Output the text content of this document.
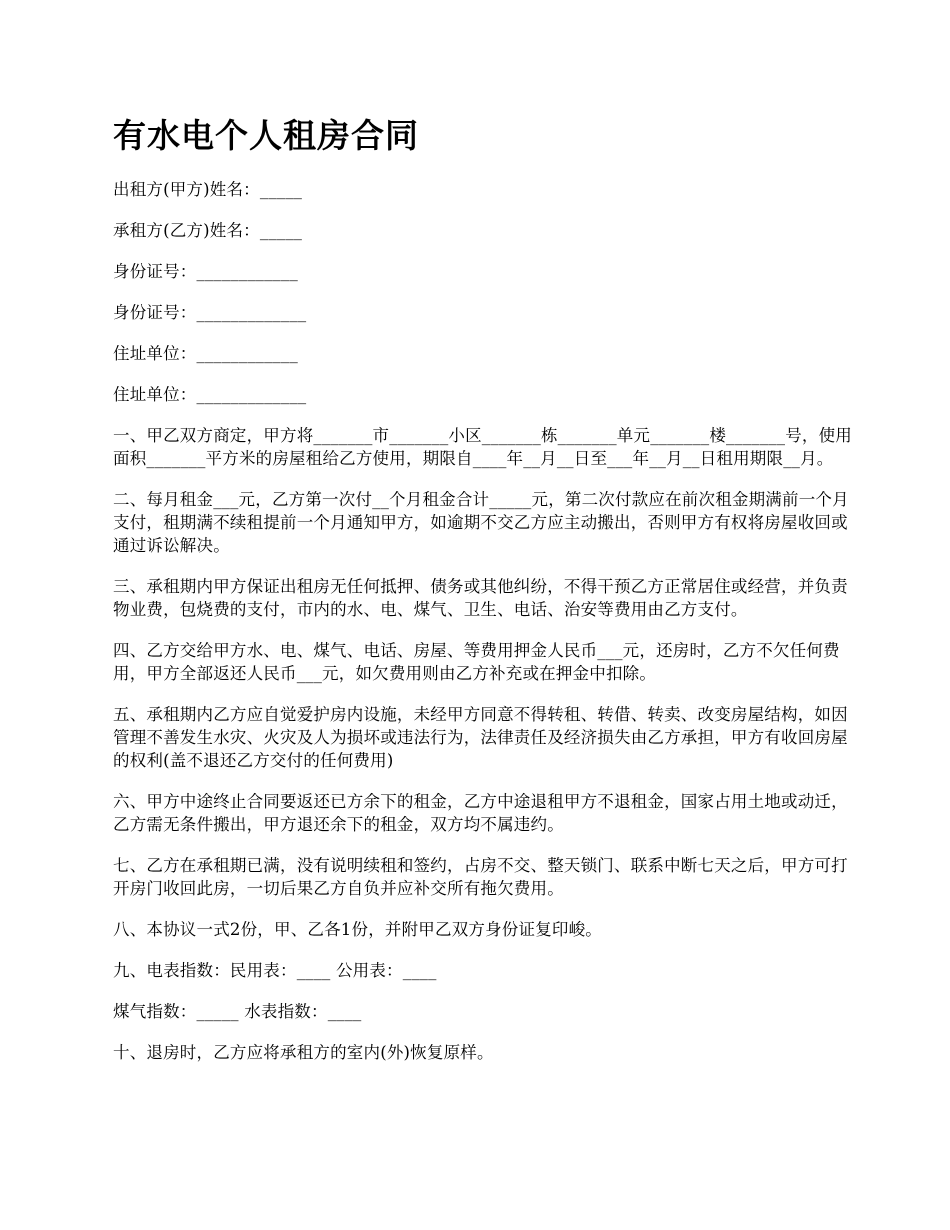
有水电个人租房合同

出租方(甲方)姓名：_____

承租方(乙方)姓名：_____

身份证号：____________

身份证号：_____________

住址单位：____________

住址单位：_____________

一、甲乙双方商定，甲方将_______市_______小区_______栋_______单元_______楼_______号，使用面积_______平方米的房屋租给乙方使用，期限自____年__月__日至___年__月__日租用期限__月。

二、每月租金___元，乙方第一次付__个月租金合计_____元，第二次付款应在前次租金期满前一个月支付，租期满不续租提前一个月通知甲方，如逾期不交乙方应主动搬出，否则甲方有权将房屋收回或通过诉讼解决。

三、承租期内甲方保证出租房无任何抵押、债务或其他纠纷，不得干预乙方正常居住或经营，并负责物业费，包烧费的支付，市内的水、电、煤气、卫生、电话、治安等费用由乙方支付。

四、乙方交给甲方水、电、煤气、电话、房屋、等费用押金人民币___元，还房时，乙方不欠任何费用，甲方全部返还人民币___元，如欠费用则由乙方补充或在押金中扣除。

五、承租期内乙方应自觉爱护房内设施，未经甲方同意不得转租、转借、转卖、改变房屋结构，如因管理不善发生水灾、火灾及人为损坏或违法行为，法律责任及经济损失由乙方承担，甲方有收回房屋的权利(盖不退还乙方交付的任何费用)

六、甲方中途终止合同要返还已方余下的租金，乙方中途退租甲方不退租金，国家占用土地或动迁，乙方需无条件搬出，甲方退还余下的租金，双方均不属违约。

七、乙方在承租期已满，没有说明续租和签约，占房不交、整天锁门、联系中断七天之后，甲方可打开房门收回此房，一切后果乙方自负并应补交所有拖欠费用。

八、本协议一式2份，甲、乙各1份，并附甲乙双方身份证复印峻。

九、电表指数：民用表：____ 公用表：____

煤气指数：_____ 水表指数：____

十、退房时，乙方应将承租方的室内(外)恢复原样。
